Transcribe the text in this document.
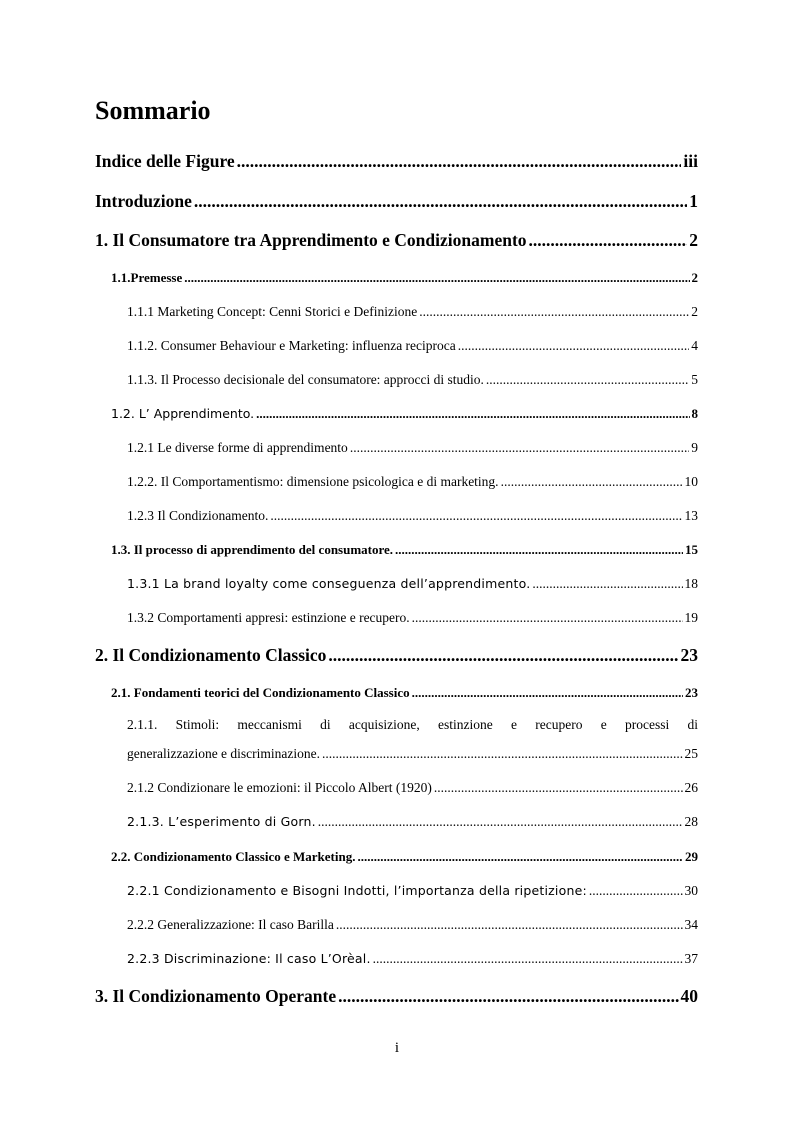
Sommario
Indice delle Figure .....	iii
Introduzione .....	1
1. Il Consumatore tra Apprendimento e Condizionamento .....	2
1.1.Premesse .....	2
1.1.1 Marketing Concept: Cenni Storici e Definizione .....	2
1.1.2. Consumer Behaviour e Marketing: influenza reciproca .....	4
1.1.3. Il Processo decisionale del consumatore: approcci di studio. .....	5
1.2. L’ Apprendimento. .....	8
1.2.1 Le diverse forme di apprendimento .....	9
1.2.2. Il Comportamentismo: dimensione psicologica e di marketing. .....	10
1.2.3 Il Condizionamento. .....	13
1.3. Il processo di apprendimento del consumatore. .....	15
1.3.1 La brand loyalty come conseguenza dell’apprendimento. .....	18
1.3.2 Comportamenti appresi: estinzione e recupero. .....	19
2. Il Condizionamento Classico .....	23
2.1. Fondamenti teorici del Condizionamento Classico .....	23
2.1.1. Stimoli: meccanismi di acquisizione, estinzione e recupero e processi di
generalizzazione e discriminazione. .....	25
2.1.2 Condizionare le emozioni: il Piccolo Albert (1920) .....	26
2.1.3. L’esperimento di Gorn. .....	28
2.2. Condizionamento Classico e Marketing. .....	29
2.2.1 Condizionamento e Bisogni Indotti, l’importanza della ripetizione: .....	30
2.2.2 Generalizzazione: Il caso Barilla .....	34
2.2.3 Discriminazione: Il caso L’Orèal. .....	37
3. Il Condizionamento Operante .....	40
i
